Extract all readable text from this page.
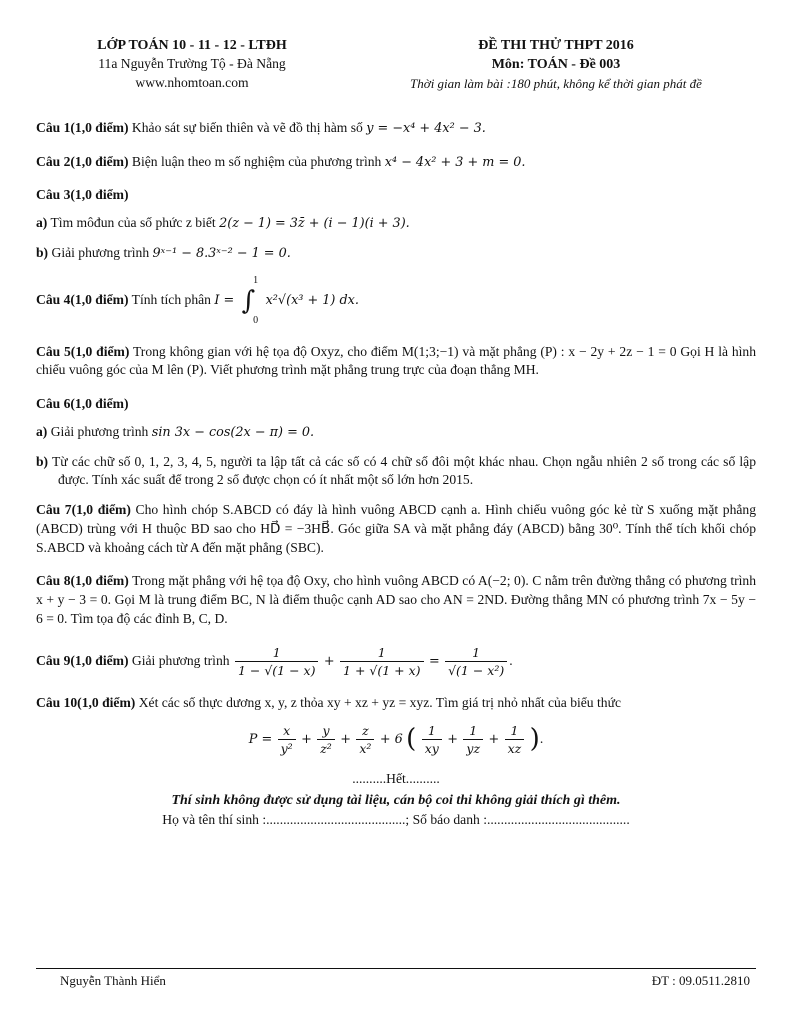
LỚP TOÁN 10 - 11 - 12 - LTĐH
11a Nguyễn Trường Tộ - Đà Nẵng
www.nhomtoan.com
ĐỀ THI THỬ THPT 2016
Môn: TOÁN - Đề 003
Thời gian làm bài :180 phút, không kể thời gian phát đề
Câu 1(1,0 điểm) Khảo sát sự biến thiên và vẽ đồ thị hàm số y = −x⁴ + 4x² − 3.
Câu 2(1,0 điểm) Biện luận theo m số nghiệm của phương trình x⁴ − 4x² + 3 + m = 0.
Câu 3(1,0 điểm)
a) Tìm môđun của số phức z biết 2(z − 1) = 3z̄ + (i − 1)(i + 3).
b) Giải phương trình 9ˣ⁻¹ − 8.3ˣ⁻² − 1 = 0.
Câu 4(1,0 điểm) Tính tích phân I = ∫
1
0
x²√(x³ + 1) dx.
Câu 5(1,0 điểm) Trong không gian với hệ tọa độ Oxyz, cho điểm M(1;3;−1) và mặt phẳng (P) : x − 2y + 2z − 1 = 0 Gọi H là hình chiếu vuông góc của M lên (P). Viết phương trình mặt phẳng trung trực của đoạn thẳng MH.
Câu 6(1,0 điểm)
a) Giải phương trình sin 3x − cos(2x − π) = 0.
b) Từ các chữ số 0, 1, 2, 3, 4, 5, người ta lập tất cả các số có 4 chữ số đôi một khác nhau. Chọn ngẫu nhiên 2 số trong các số lập được. Tính xác suất để trong 2 số được chọn có ít nhất một số lớn hơn 2015.
Câu 7(1,0 điểm) Cho hình chóp S.ABCD có đáy là hình vuông ABCD cạnh a. Hình chiếu vuông góc kẻ từ S xuống mặt phẳng (ABCD) trùng với H thuộc BD sao cho HD⃗ = −3HB⃗. Góc giữa SA và mặt phẳng đáy (ABCD) bằng 30⁰. Tính thể tích khối chóp S.ABCD và khoảng cách từ A đến mặt phẳng (SBC).
Câu 8(1,0 điểm) Trong mặt phẳng với hệ tọa độ Oxy, cho hình vuông ABCD có A(−2; 0). C nằm trên đường thẳng có phương trình x + y − 3 = 0. Gọi M là trung điểm BC, N là điểm thuộc cạnh AD sao cho AN = 2ND. Đường thẳng MN có phương trình 7x − 5y − 6 = 0. Tìm tọa độ các đỉnh B, C, D.
Câu 9(1,0 điểm) Giải phương trình $\frac{1}{1 - √(1 - x)} + \frac{1}{1 + √(1 + x)} = \frac{1}{\text{√(1 − x²)}}$ .
Câu 10(1,0 điểm) Xét các số thực dương x, y, z thỏa xy + xz + yz = xyz. Tìm giá trị nhỏ nhất của biểu thức
$P = \frac{x}{\text{y²}} + \frac{y}{\text{z²}} + \frac{z}{\text{x²}} + 6$ ( $\frac{1}{xy} + \frac{1}{yz} + \frac{1}{xz}$ ).
..........Hết..........
Thí sinh không được sử dụng tài liệu, cán bộ coi thi không giải thích gì thêm.
Họ và tên thí sinh :.........................................; Số báo danh :..........................................
Nguyễn Thành Hiển	ĐT : 09.0511.2810
